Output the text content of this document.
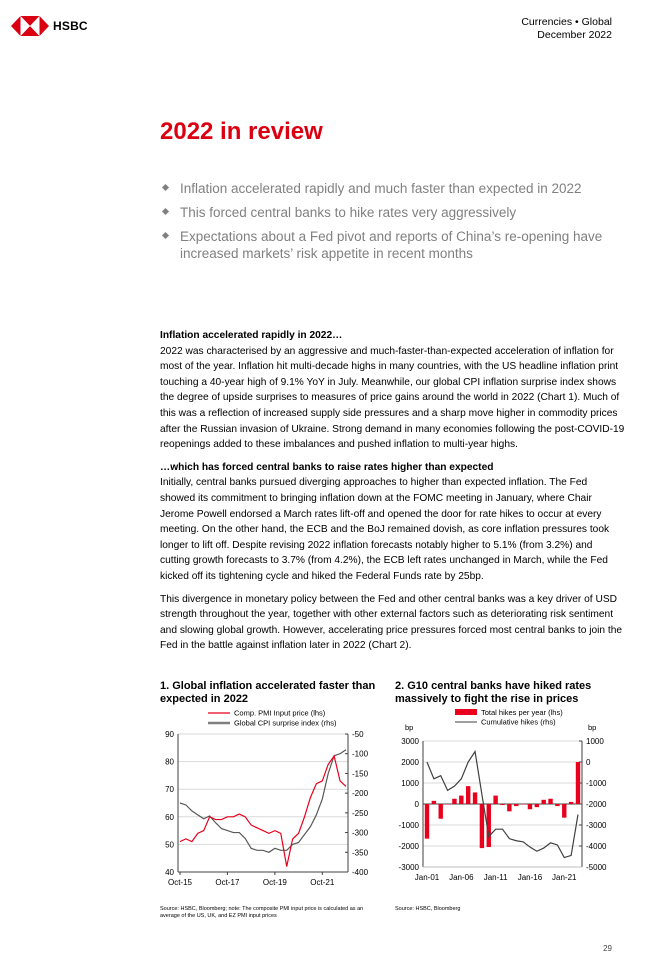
HSBC	Currencies • Global
December 2022
2022 in review
Inflation accelerated rapidly and much faster than expected in 2022
This forced central banks to hike rates very aggressively
Expectations about a Fed pivot and reports of China’s re-opening have increased markets’ risk appetite in recent months
Inflation accelerated rapidly in 2022…

2022 was characterised by an aggressive and much-faster-than-expected acceleration of inflation for most of the year. Inflation hit multi-decade highs in many countries, with the US headline inflation print touching a 40-year high of 9.1% YoY in July. Meanwhile, our global CPI inflation surprise index shows the degree of upside surprises to measures of price gains around the world in 2022 (Chart 1). Much of this was a reflection of increased supply side pressures and a sharp move higher in commodity prices after the Russian invasion of Ukraine. Strong demand in many economies following the post-COVID-19 reopenings added to these imbalances and pushed inflation to multi-year highs.

…which has forced central banks to raise rates higher than expected

Initially, central banks pursued diverging approaches to higher than expected inflation. The Fed showed its commitment to bringing inflation down at the FOMC meeting in January, where Chair Jerome Powell endorsed a March rates lift-off and opened the door for rate hikes to occur at every meeting. On the other hand, the ECB and the BoJ remained dovish, as core inflation pressures took longer to lift off. Despite revising 2022 inflation forecasts notably higher to 5.1% (from 3.2%) and cutting growth forecasts to 3.7% (from 4.2%), the ECB left rates unchanged in March, while the Fed kicked off its tightening cycle and hiked the Federal Funds rate by 25bp.

This divergence in monetary policy between the Fed and other central banks was a key driver of USD strength throughout the year, together with other external factors such as deteriorating risk sentiment and slowing global growth. However, accelerating price pressures forced most central banks to join the Fed in the battle against inflation later in 2022 (Chart 2).

1. Global inflation accelerated faster than expected in 2022

Comp. PMI Input price (lhs)
Global CPI surprise index (rhs)
90
80
70
60
50
40
-50
-100
-150
-200
-250
-300
-350
-400
Oct-15	Oct-17	Oct-19	Oct-21
Source: HSBC, Bloomberg; note: The composite PMI input price is calculated as an average of the US, UK, and EZ PMI input prices

2. G10 central banks have hiked rates massively to fight the rise in prices

Total hikes per year (lhs)
Cumulative hikes (rhs)
bp	bp
3000
2000
1000
0
-1000
-2000
-3000
1000
0
-1000
-2000
-3000
-4000
-5000
Jan-01 Jan-06 Jan-11 Jan-16 Jan-21
Source: HSBC, Bloomberg
29
